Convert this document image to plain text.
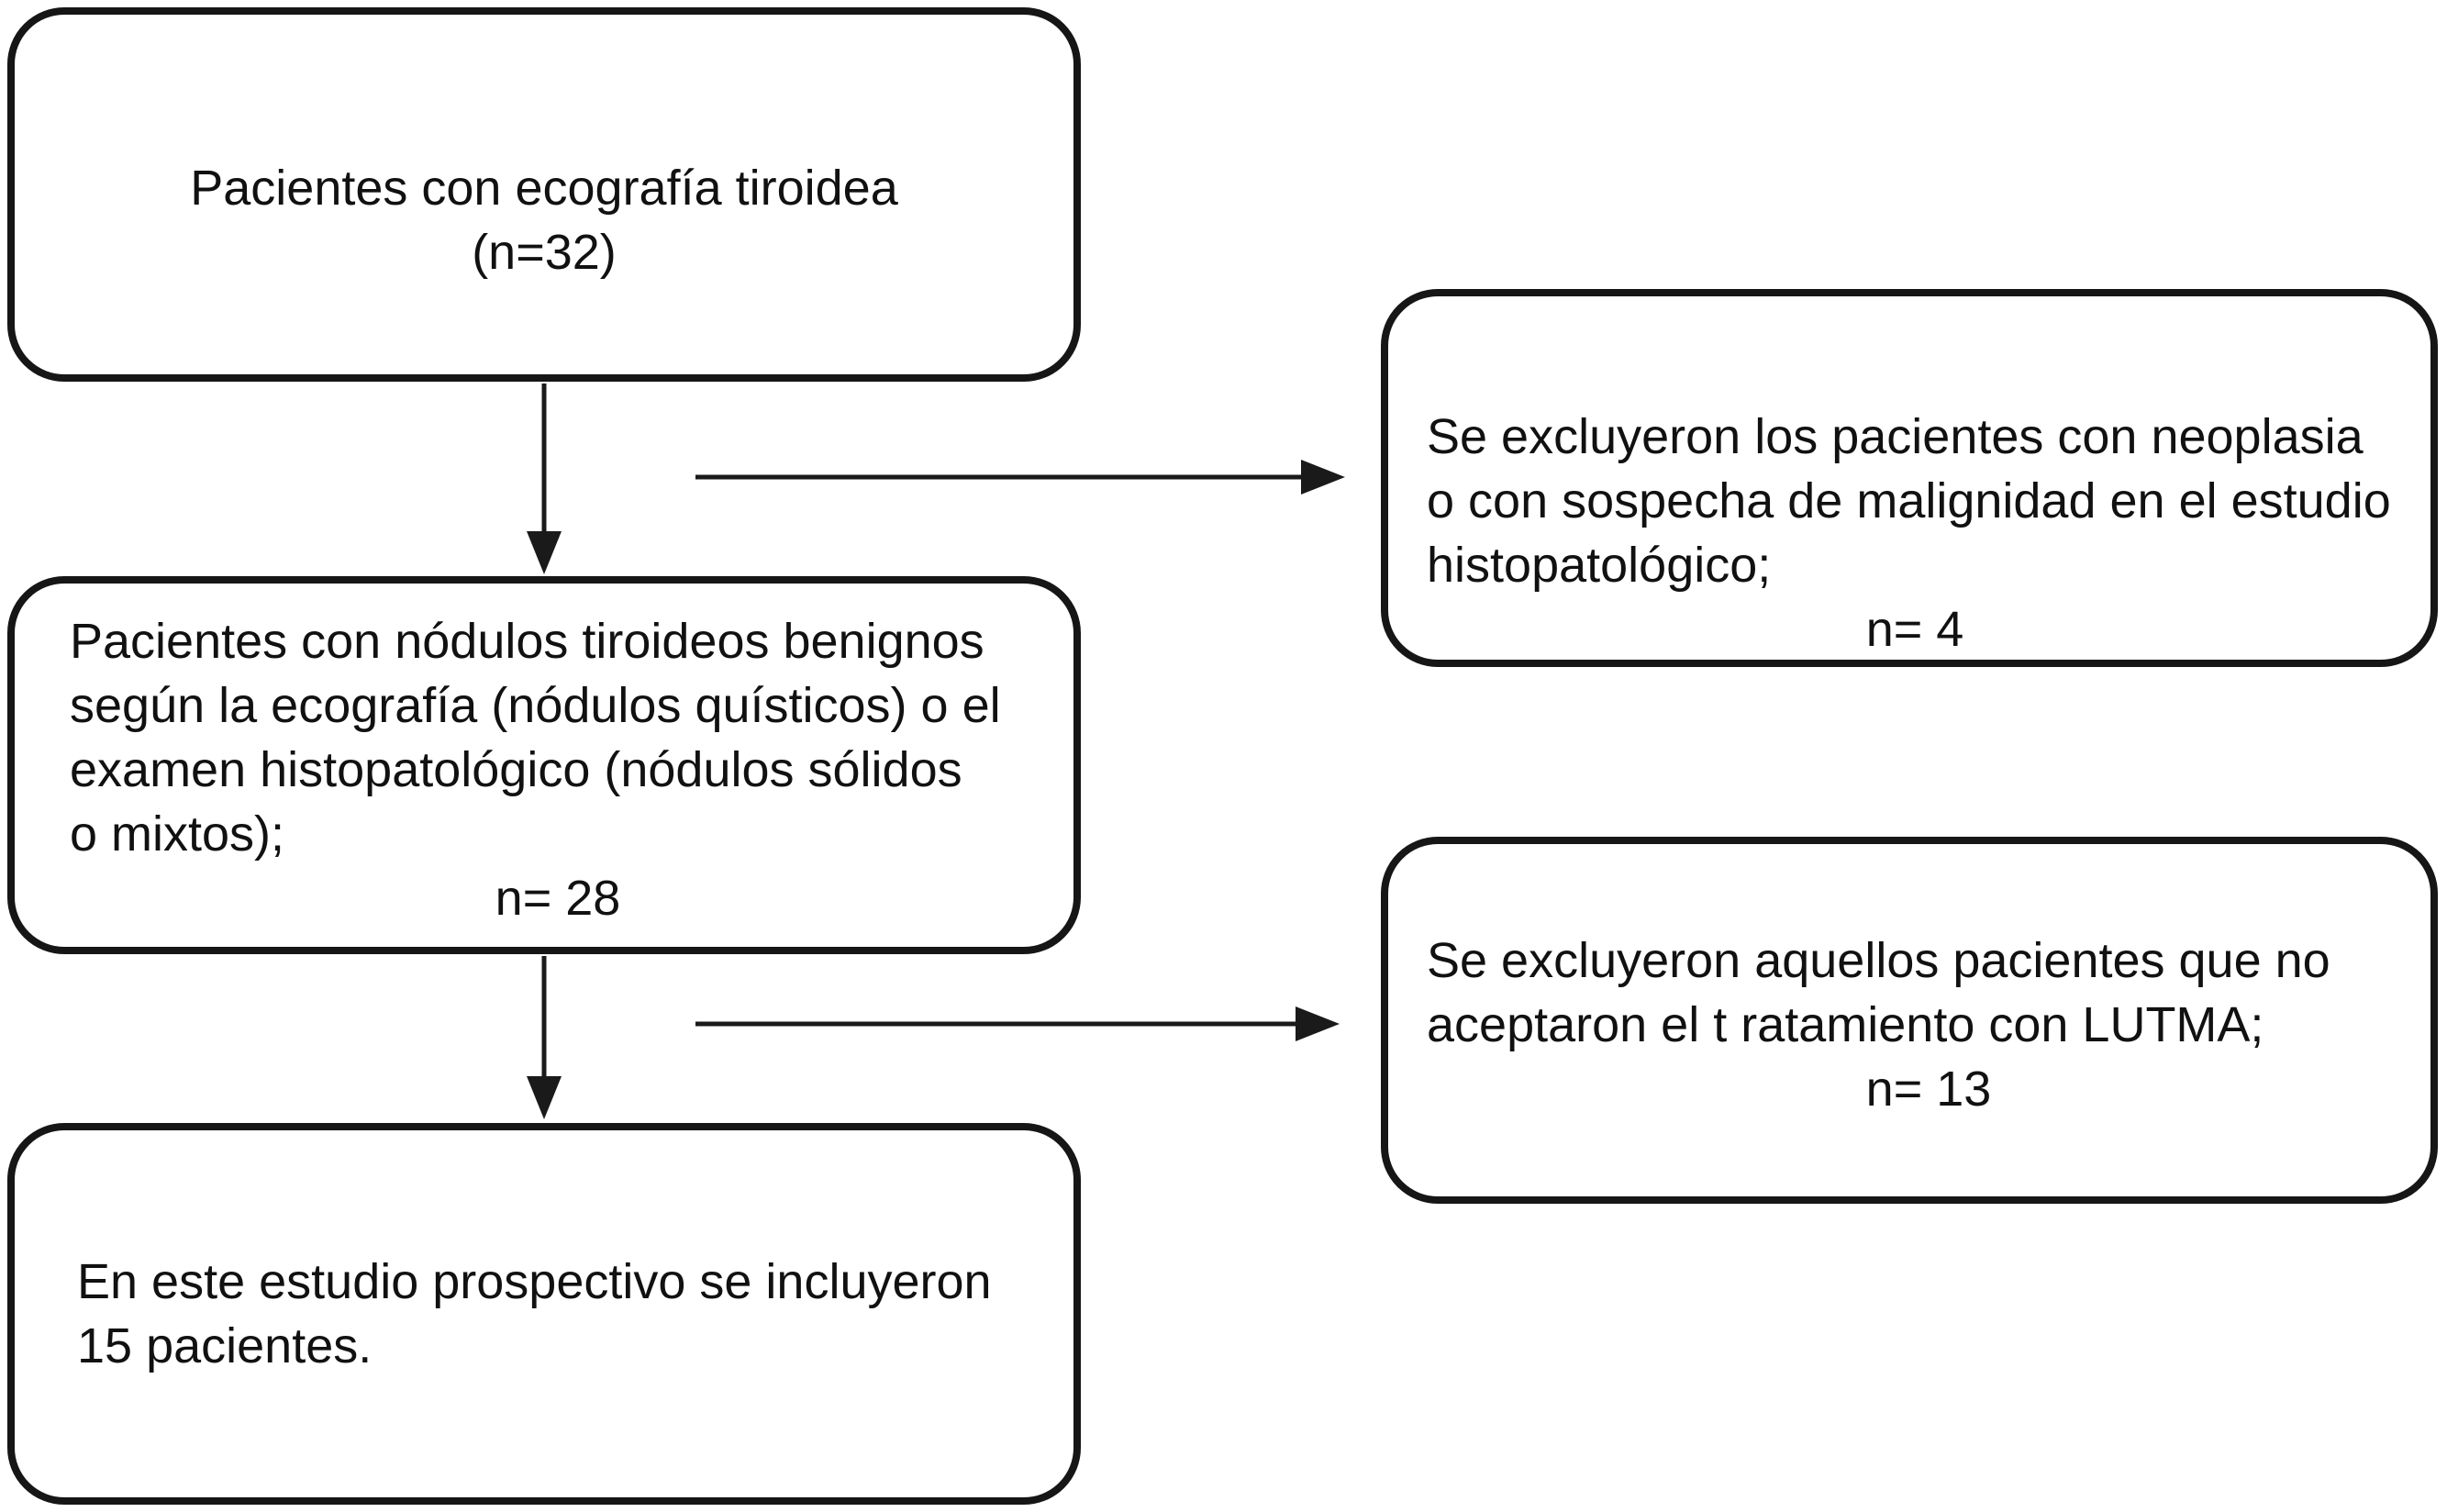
Pacientes con ecografía tiroidea
(n=32)
Pacientes con nódulos tiroideos benignos
según la ecografía (nódulos quísticos) o el
examen histopatológico (nódulos sólidos
o mixtos);
n= 28
En este estudio prospectivo se incluyeron
15 pacientes.
Se excluyeron los pacientes con neoplasia
o con sospecha de malignidad en el estudio
histopatológico;
n= 4
Se excluyeron aquellos pacientes que no
aceptaron el t ratamiento con LUTMA;
n= 13
